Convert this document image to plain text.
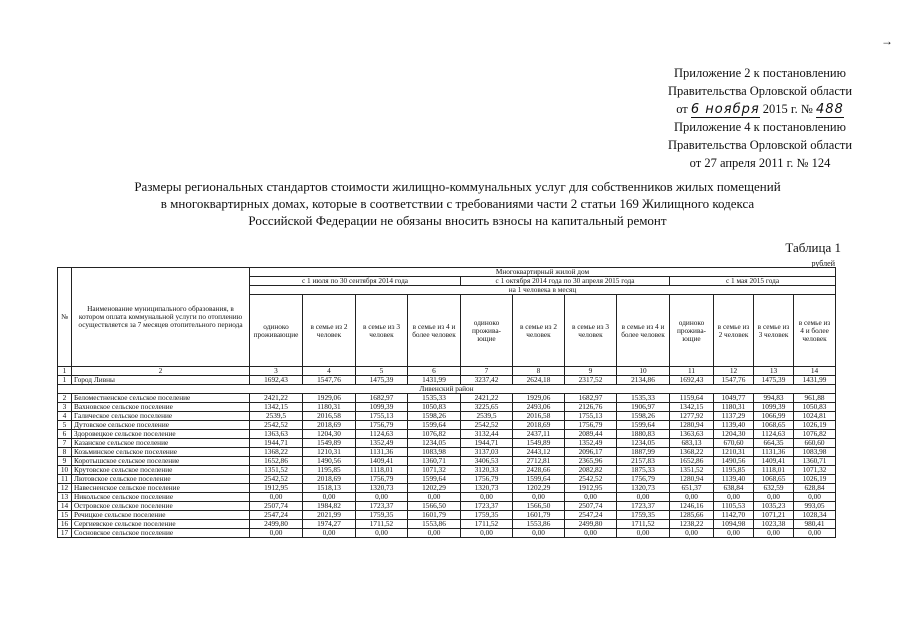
→
Приложение 2 к постановлению
Правительства Орловской области
от 6 ноября 2015 г. № 488
Приложение 4 к постановлению
Правительства Орловской области
от 27 апреля 2011 г. № 124
Размеры региональных стандартов стоимости жилищно-коммунальных услуг для собственников жилых помещений
в многоквартирных домах, которые в соответствии с требованиями части 2 статьи 169 Жилищного кодекса
Российской Федерации не обязаны вносить взносы на капитальный ремонт
Таблица 1
рублей
№	Наименование муниципального образования, в котором оплата коммунальной услуги по отоплению осуществляется за 7 месяцев отопительного периода	Многоквартирный жилой дом											
		с 1 июля по 30 сентября 2014 года				с 1 октября 2014 года по 30 апреля 2015 года				с 1 мая 2015 года			
		на 1 человека в месяц											
		одиноко проживающие	в семье из 2 человек	в семье из 3 человек	в семье из 4 и более человек	одиноко прожива-ющие	в семье из 2 человек	в семье из 3 человек	в семье из 4 и более человек	одиноко прожива-ющие	в семье из 2 человек	в семье из 3 человек	в семье из 4 и более человек
1	2	3	4	5	6	7	8	9	10	11	12	13	14
1	Город Ливны	1692,43	1547,76	1475,39	1431,99	3237,42	2624,18	2317,52	2134,86	1692,43	1547,76	1475,39	1431,99
Ливенский район													
2	Беломестненское сельское поселение	2421,22	1929,06	1682,97	1535,33	2421,22	1929,06	1682,97	1535,33	1159,64	1049,77	994,83	961,88
3	Вахновское сельское поселение	1342,15	1180,31	1099,39	1050,83	3225,65	2493,06	2126,76	1906,97	1342,15	1180,31	1099,39	1050,83
4	Галическое сельское поселение	2539,5	2016,58	1755,13	1598,26	2539,5	2016,58	1755,13	1598,26	1277,92	1137,29	1066,99	1024,81
5	Дутовское сельское поселение	2542,52	2018,69	1756,79	1599,64	2542,52	2018,69	1756,79	1599,64	1280,94	1139,40	1068,65	1026,19
6	Здоровецкое сельское поселение	1363,63	1204,30	1124,63	1076,82	3132,44	2437,11	2089,44	1880,83	1363,63	1204,30	1124,63	1076,82
7	Казанское сельское поселение	1944,71	1549,89	1352,49	1234,05	1944,71	1549,89	1352,49	1234,05	683,13	670,60	664,35	660,60
8	Козьминское сельское поселение	1368,22	1210,31	1131,36	1083,98	3137,03	2443,12	2096,17	1887,99	1368,22	1210,31	1131,36	1083,98
9	Коротышское сельское поселение	1652,86	1490,56	1409,41	1360,71	3406,53	2712,81	2365,96	2157,83	1652,86	1490,56	1409,41	1360,71
10	Крутовское сельское поселение	1351,52	1195,85	1118,01	1071,32	3120,33	2428,66	2082,82	1875,33	1351,52	1195,85	1118,01	1071,32
11	Лютовское сельское поселение	2542,52	2018,69	1756,79	1599,64	1756,79	1599,64	2542,52	1756,79	1280,94	1139,40	1068,65	1026,19
12	Навесненское сельское поселение	1912,95	1518,13	1320,73	1202,29	1320,73	1202,29	1912,95	1320,73	651,37	638,84	632,59	628,84
13	Никольское сельское поселение	0,00	0,00	0,00	0,00	0,00	0,00	0,00	0,00	0,00	0,00	0,00	0,00
14	Островское сельское поселение	2507,74	1984,82	1723,37	1566,50	1723,37	1566,50	2507,74	1723,37	1246,16	1105,53	1035,23	993,05
15	Речицкое сельское поселение	2547,24	2021,99	1759,35	1601,79	1759,35	1601,79	2547,24	1759,35	1285,66	1142,70	1071,21	1028,34
16	Сергиевское сельское поселение	2499,80	1974,27	1711,52	1553,86	1711,52	1553,86	2499,80	1711,52	1238,22	1094,98	1023,38	980,41
17	Сосновское сельское поселение	0,00	0,00	0,00	0,00	0,00	0,00	0,00	0,00	0,00	0,00	0,00	0,00
